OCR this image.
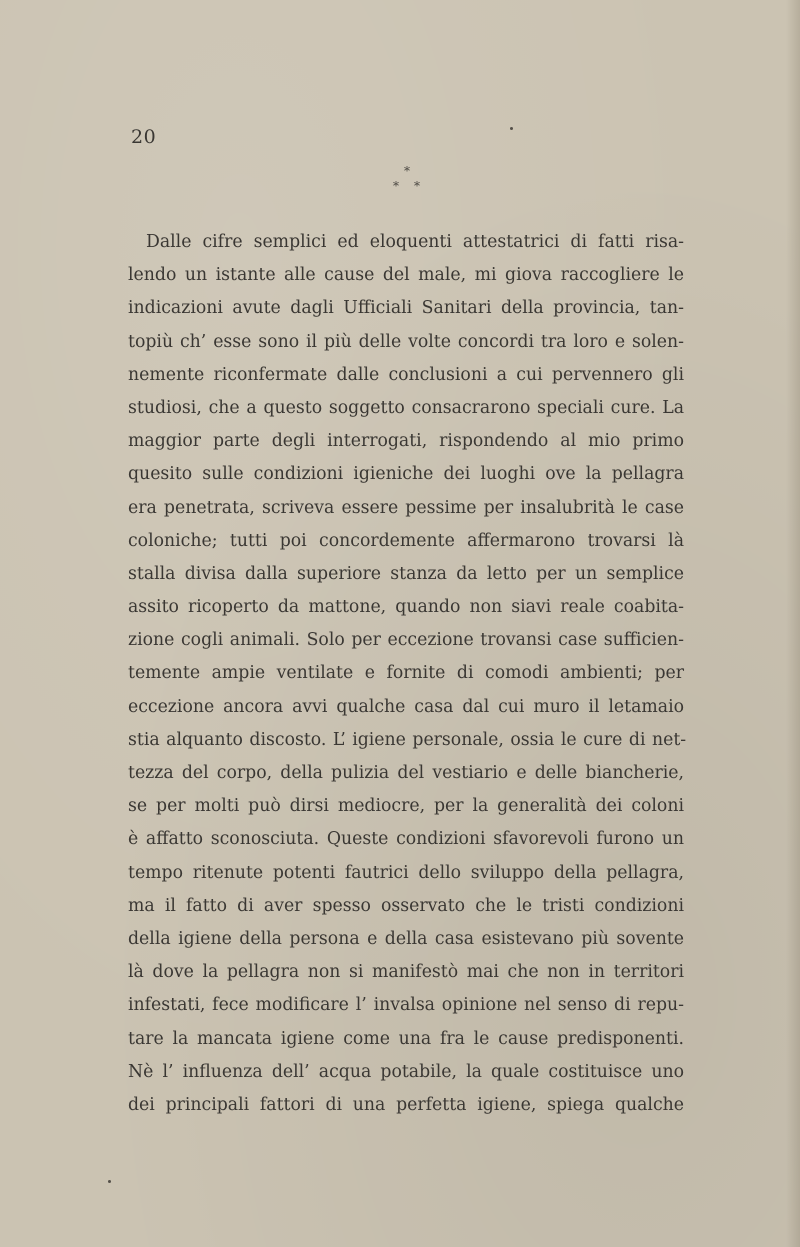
20
*
* *
Dalle cifre semplici ed eloquenti attestatrici di fatti risa-
lendo un istante alle cause del male, mi giova raccogliere le
indicazioni avute dagli Ufficiali Sanitari della provincia, tan-
topiù ch’ esse sono il più delle volte concordi tra loro e solen-
nemente riconfermate dalle conclusioni a cui pervennero gli
studiosi, che a questo soggetto consacrarono speciali cure. La
maggior parte degli interrogati, rispondendo al mio primo
quesito sulle condizioni igieniche dei luoghi ove la pellagra
era penetrata, scriveva essere pessime per insalubrità le case
coloniche; tutti poi concordemente affermarono trovarsi là
stalla divisa dalla superiore stanza da letto per un semplice
assito ricoperto da mattone, quando non siavi reale coabita-
zione cogli animali. Solo per eccezione trovansi case sufficien-
temente ampie ventilate e fornite di comodi ambienti; per
eccezione ancora avvi qualche casa dal cui muro il letamaio
stia alquanto discosto. L’ igiene personale, ossia le cure di net-
tezza del corpo, della pulizia del vestiario e delle biancherie,
se per molti può dirsi mediocre, per la generalità dei coloni
è affatto sconosciuta. Queste condizioni sfavorevoli furono un
tempo ritenute potenti fautrici dello sviluppo della pellagra,
ma il fatto di aver spesso osservato che le tristi condizioni
della igiene della persona e della casa esistevano più sovente
là dove la pellagra non si manifestò mai che non in territori
infestati, fece modificare l’ invalsa opinione nel senso di repu-
tare la mancata igiene come una fra le cause predisponenti.
Nè l’ influenza dell’ acqua potabile, la quale costituisce uno
dei principali fattori di una perfetta igiene, spiega qualche
